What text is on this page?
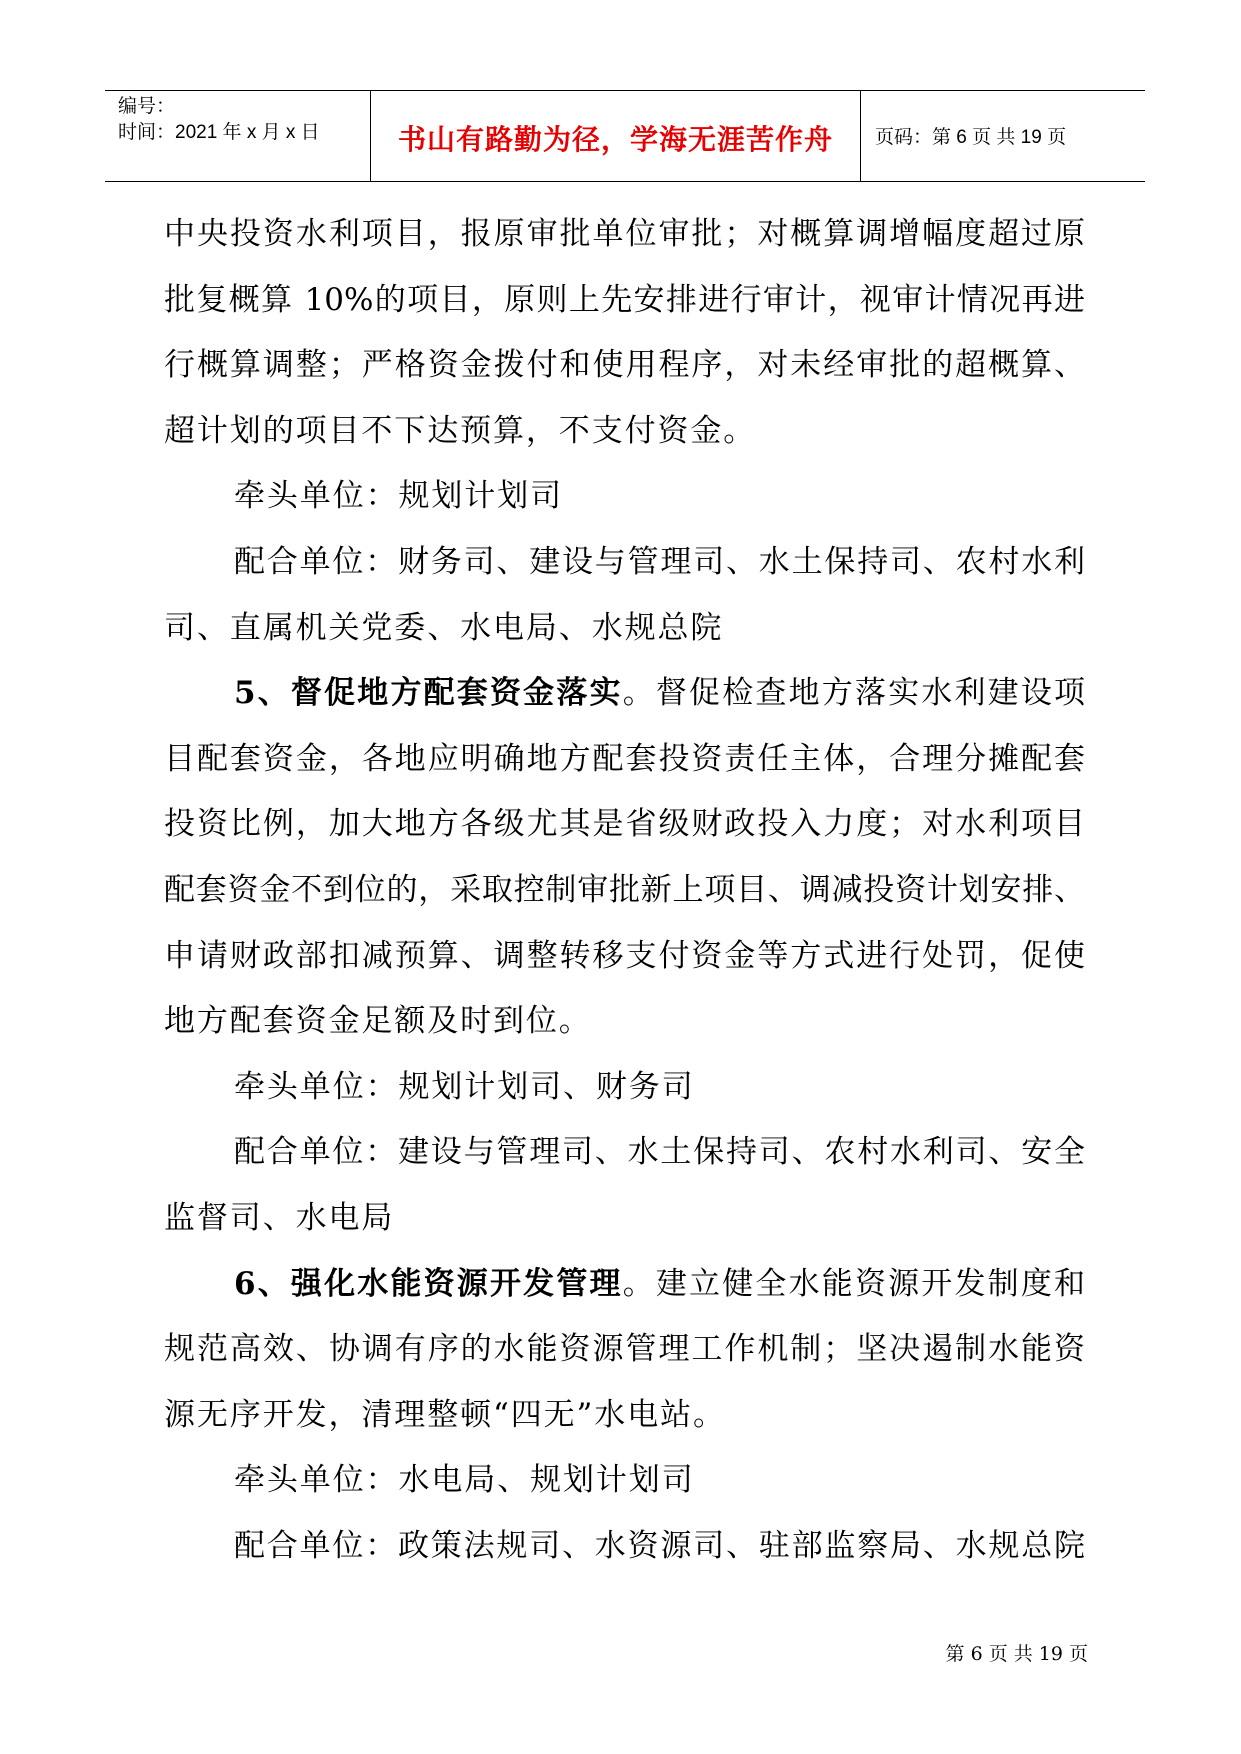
编号：
时间：2021 年 x 月 x 日	书山有路勤为径，学海无涯苦作舟 页码：第 6 页 共 19 页
中央投资水利项目，报原审批单位审批；对概算调增幅度超过原
批复概算 10%的项目，原则上先安排进行审计，视审计情况再进
行概算调整；严格资金拨付和使用程序，对未经审批的超概算、
超计划的项目不下达预算，不支付资金。
牵头单位：规划计划司
配合单位：财务司、建设与管理司、水土保持司、农村水利
司、直属机关党委、水电局、水规总院
5、督促地方配套资金落实。督促检查地方落实水利建设项
目配套资金，各地应明确地方配套投资责任主体，合理分摊配套
投资比例，加大地方各级尤其是省级财政投入力度；对水利项目
配套资金不到位的，采取控制审批新上项目、调减投资计划安排、
申请财政部扣减预算、调整转移支付资金等方式进行处罚，促使
地方配套资金足额及时到位。
牵头单位：规划计划司、财务司
配合单位：建设与管理司、水土保持司、农村水利司、安全
监督司、水电局
6、强化水能资源开发管理。建立健全水能资源开发制度和
规范高效、协调有序的水能资源管理工作机制；坚决遏制水能资
源无序开发，清理整顿“四无”水电站。
牵头单位：水电局、规划计划司
配合单位：政策法规司、水资源司、驻部监察局、水规总院
第 6 页 共 19 页
